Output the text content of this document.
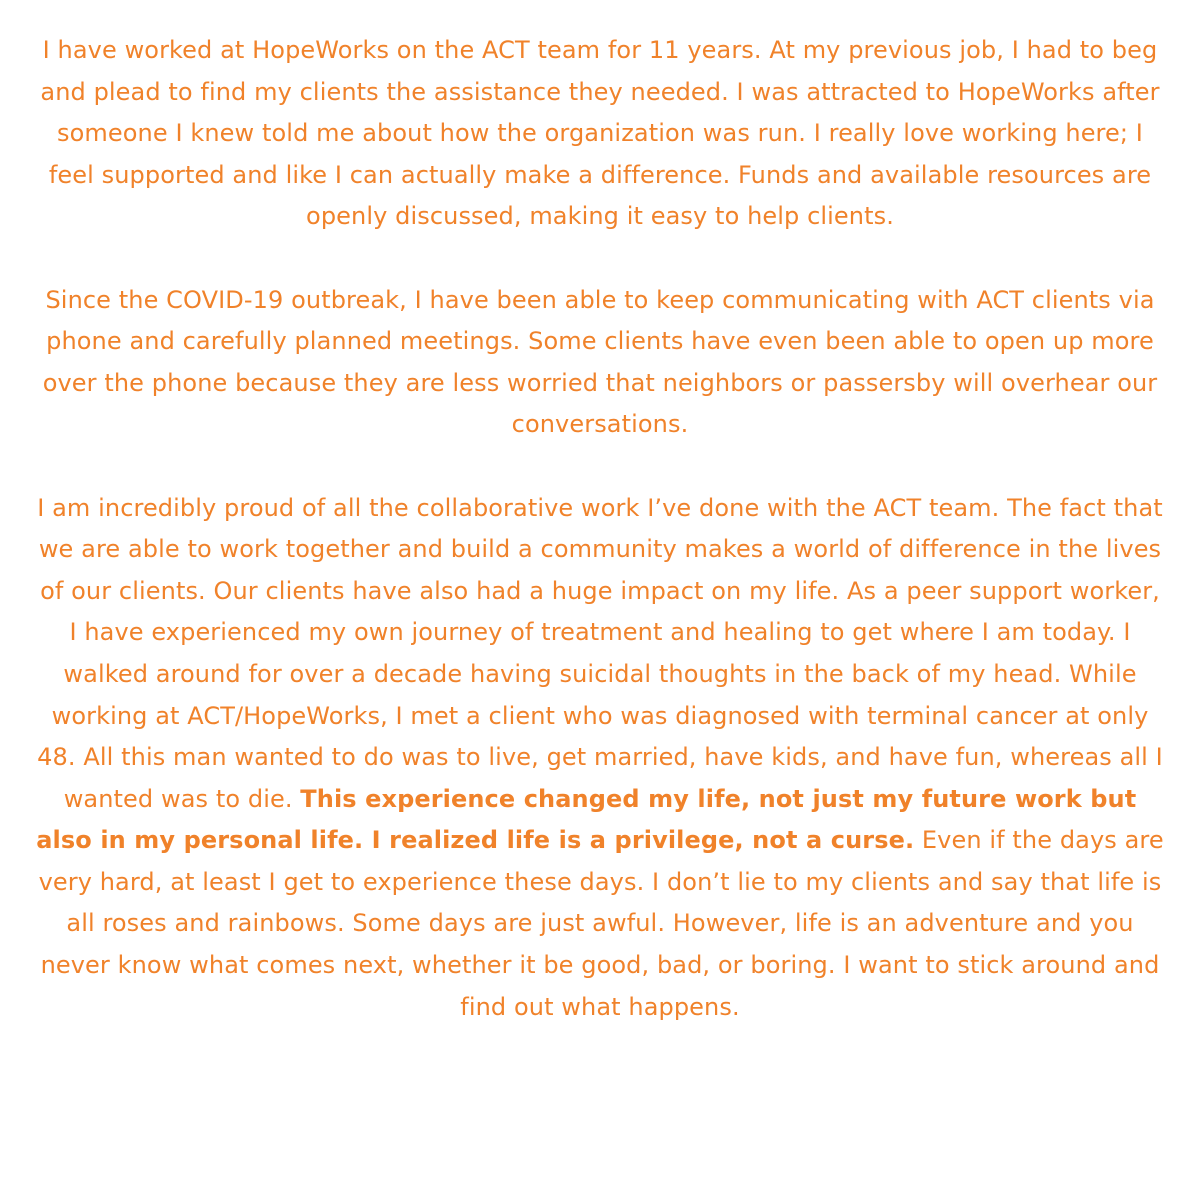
I have worked at HopeWorks on the ACT team for 11 years. At my previous job, I had to beg and plead to find my clients the assistance they needed. I was attracted to HopeWorks after someone I knew told me about how the organization was run. I really love working here; I feel supported and like I can actually make a difference. Funds and available resources are openly discussed, making it easy to help clients.

Since the COVID-19 outbreak, I have been able to keep communicating with ACT clients via phone and carefully planned meetings. Some clients have even been able to open up more over the phone because they are less worried that neighbors or passersby will overhear our conversations.

I am incredibly proud of all the collaborative work I’ve done with the ACT team. The fact that we are able to work together and build a community makes a world of difference in the lives of our clients. Our clients have also had a huge impact on my life. As a peer support worker, I have experienced my own journey of treatment and healing to get where I am today. I walked around for over a decade having suicidal thoughts in the back of my head. While working at ACT/HopeWorks, I met a client who was diagnosed with terminal cancer at only 48. All this man wanted to do was to live, get married, have kids, and have fun, whereas all I wanted was to die. This experience changed my life, not just my future work but also in my personal life. I realized life is a privilege, not a curse. Even if the days are very hard, at least I get to experience these days. I don’t lie to my clients and say that life is all roses and rainbows. Some days are just awful. However, life is an adventure and you never know what comes next, whether it be good, bad, or boring. I want to stick around and find out what happens.
